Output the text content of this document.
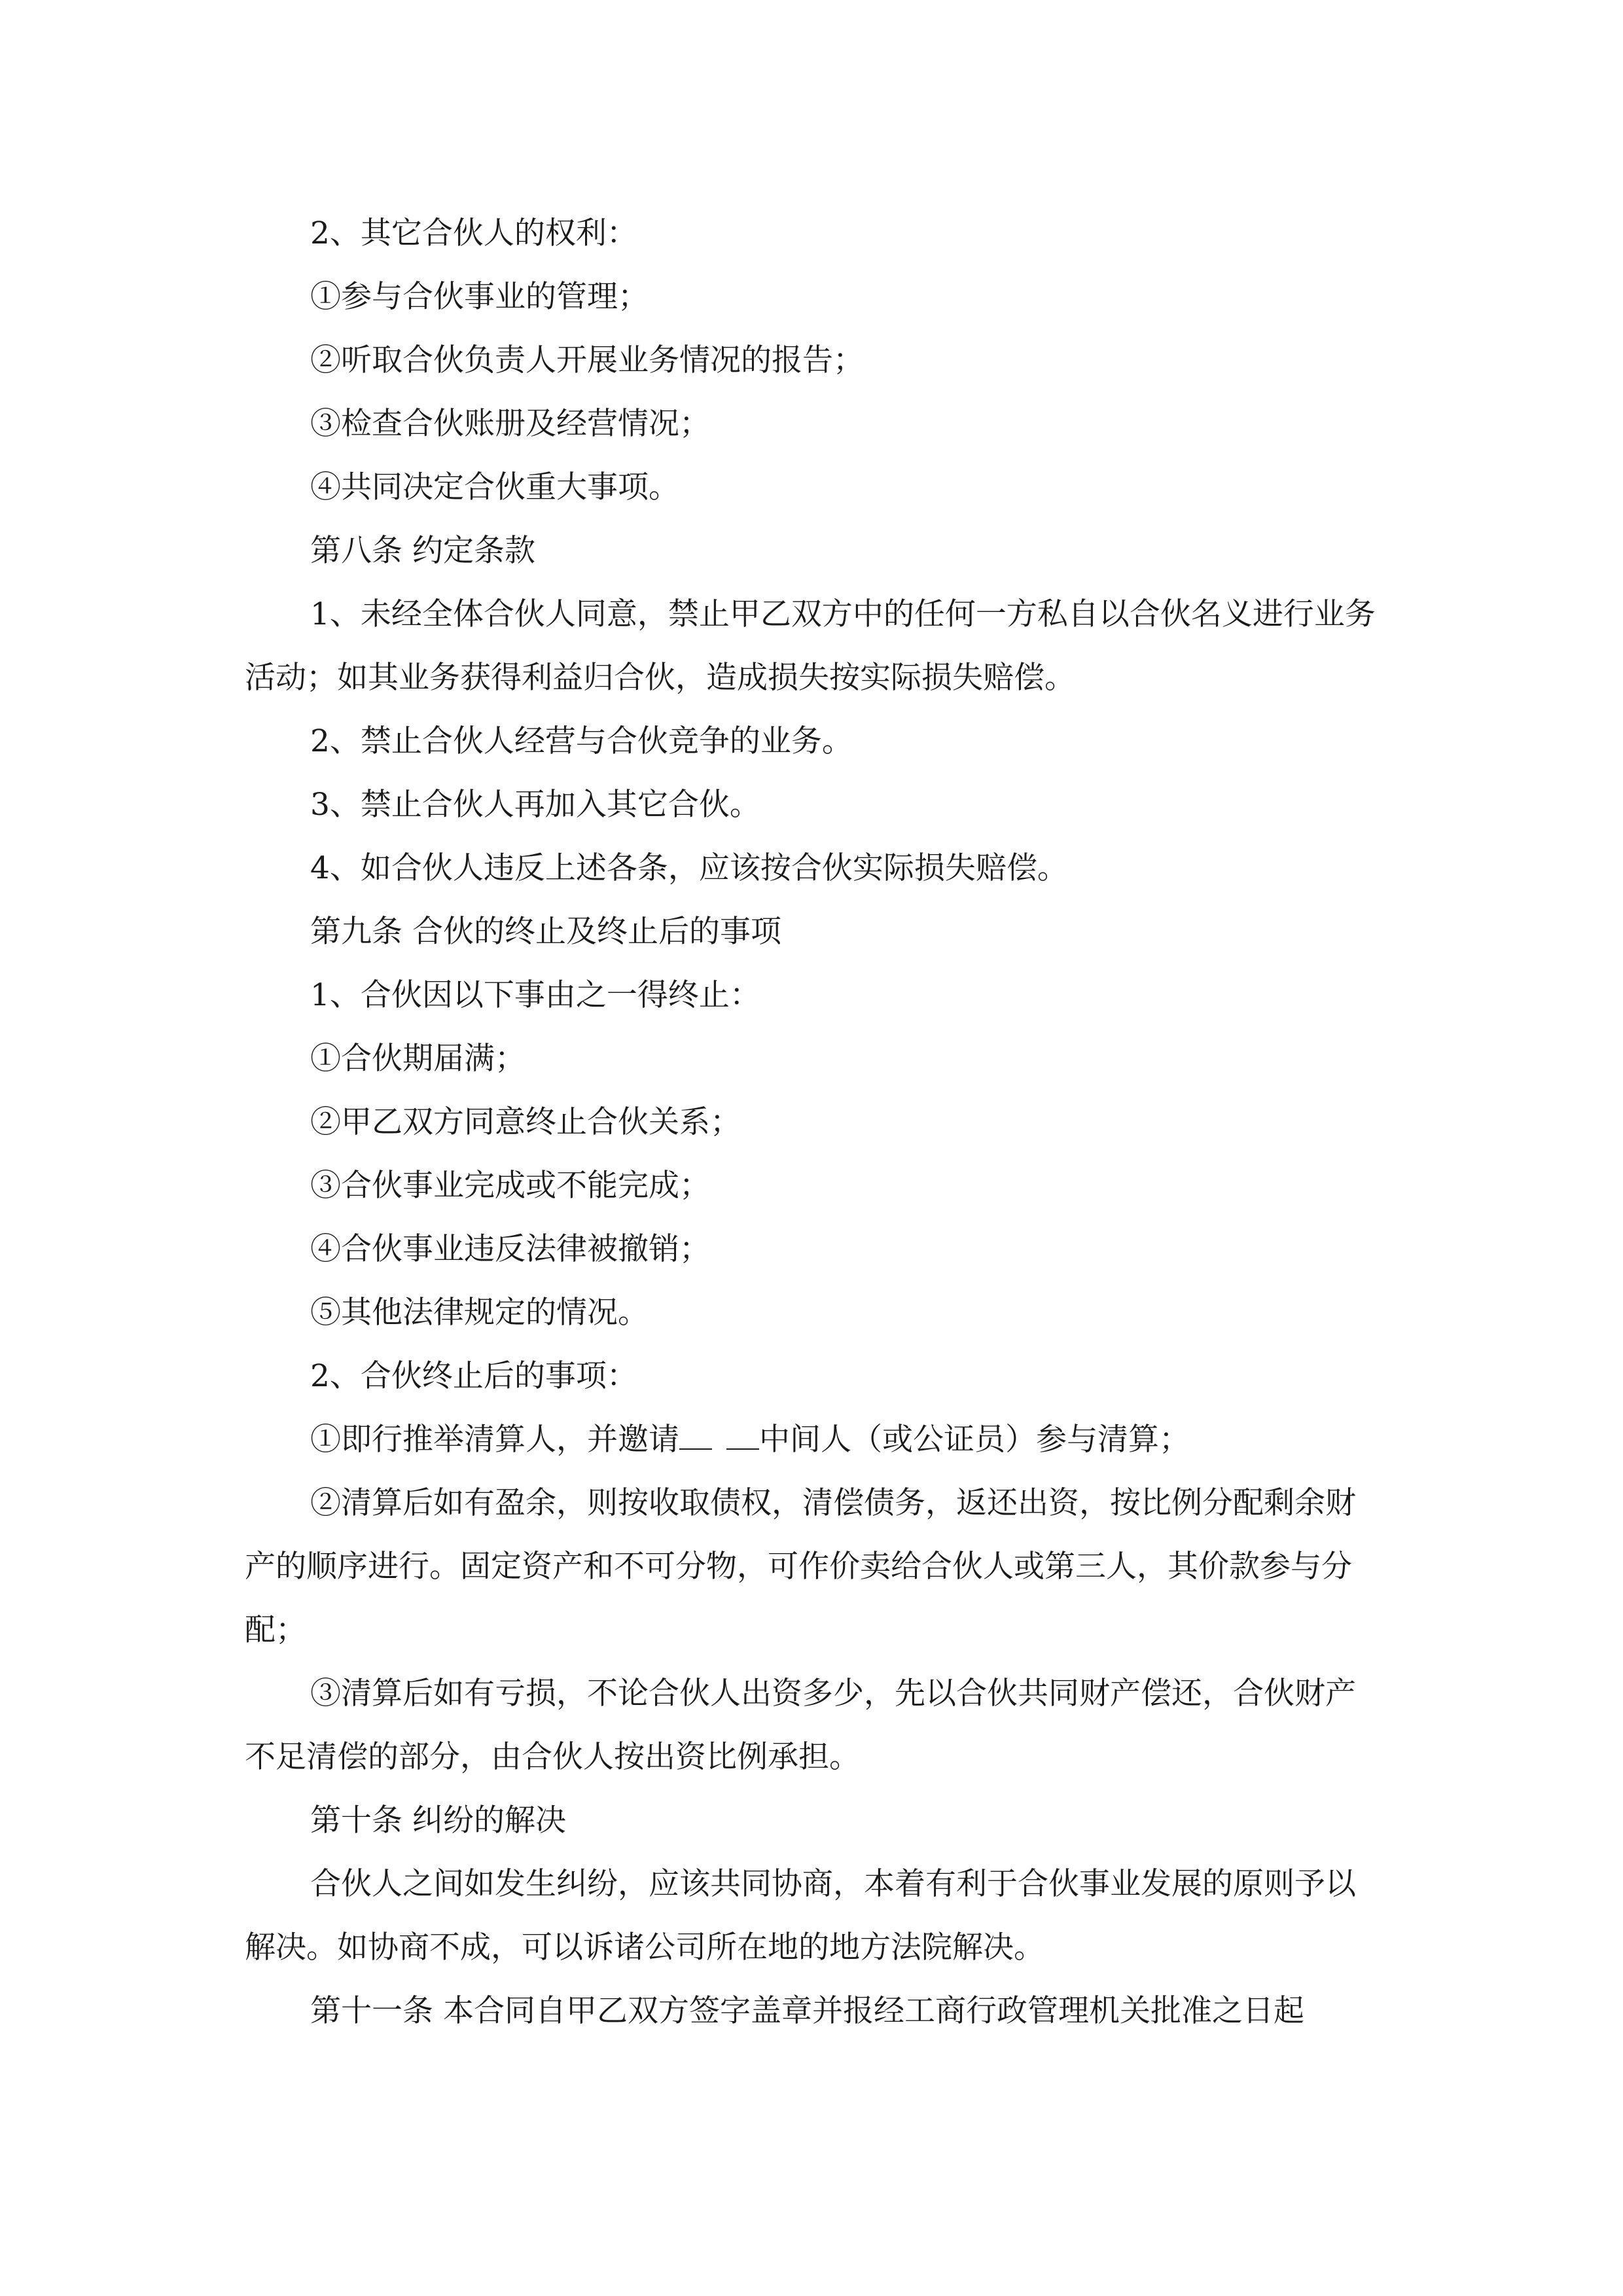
2、其它合伙人的权利：
①参与合伙事业的管理；
②听取合伙负责人开展业务情况的报告；
③检查合伙账册及经营情况；
④共同决定合伙重大事项。
第八条 约定条款
1、未经全体合伙人同意，禁止甲乙双方中的任何一方私自以合伙名义进行业务活动；如其业务获得利益归合伙，造成损失按实际损失赔偿。
2、禁止合伙人经营与合伙竞争的业务。
3、禁止合伙人再加入其它合伙。
4、如合伙人违反上述各条，应该按合伙实际损失赔偿。
第九条 合伙的终止及终止后的事项
1、合伙因以下事由之一得终止：
①合伙期届满；
②甲乙双方同意终止合伙关系；
③合伙事业完成或不能完成；
④合伙事业违反法律被撤销；
⑤其他法律规定的情况。
2、合伙终止后的事项：
①即行推举清算人，并邀请	中间人（或公证员）参与清算；
②清算后如有盈余，则按收取债权，清偿债务，返还出资，按比例分配剩余财产的顺序进行。固定资产和不可分物，可作价卖给合伙人或第三人，其价款参与分配；
③清算后如有亏损，不论合伙人出资多少，先以合伙共同财产偿还，合伙财产不足清偿的部分，由合伙人按出资比例承担。
第十条 纠纷的解决
合伙人之间如发生纠纷，应该共同协商，本着有利于合伙事业发展的原则予以解决。如协商不成，可以诉诸公司所在地的地方法院解决。
第十一条 本合同自甲乙双方签字盖章并报经工商行政管理机关批准之日起
